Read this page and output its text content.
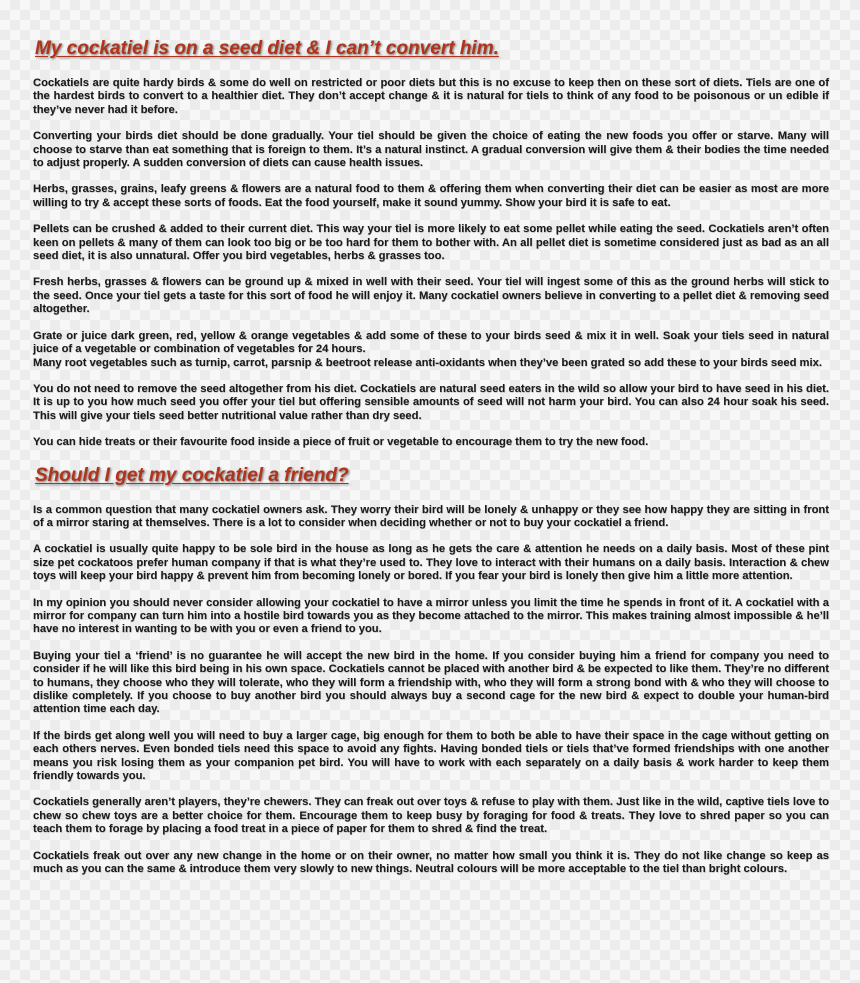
My cockatiel is on a seed diet & I can’t convert him.

Cockatiels are quite hardy birds & some do well on restricted or poor diets but this is no excuse to keep then on these sort of diets. Tiels are one of the hardest birds to convert to a healthier diet. They don’t accept change & it is natural for tiels to think of any food to be poisonous or un edible if they’ve never had it before.

Converting your birds diet should be done gradually. Your tiel should be given the choice of eating the new foods you offer or starve. Many will choose to starve than eat something that is foreign to them. It’s a natural instinct. A gradual conversion will give them & their bodies the time needed to adjust properly. A sudden conversion of diets can cause health issues.

Herbs, grasses, grains, leafy greens & flowers are a natural food to them & offering them when converting their diet can be easier as most are more willing to try & accept these sorts of foods. Eat the food yourself, make it sound yummy. Show your bird it is safe to eat.

Pellets can be crushed & added to their current diet. This way your tiel is more likely to eat some pellet while eating the seed. Cockatiels aren’t often keen on pellets & many of them can look too big or be too hard for them to bother with. An all pellet diet is sometime considered just as bad as an all seed diet, it is also unnatural. Offer you bird vegetables, herbs & grasses too.

Fresh herbs, grasses & flowers can be ground up & mixed in well with their seed. Your tiel will ingest some of this as the ground herbs will stick to the seed. Once your tiel gets a taste for this sort of food he will enjoy it. Many cockatiel owners believe in converting to a pellet diet & removing seed altogether.

Grate or juice dark green, red, yellow & orange vegetables & add some of these to your birds seed & mix it in well. Soak your tiels seed in natural juice of a vegetable or combination of vegetables for 24 hours.
Many root vegetables such as turnip, carrot, parsnip & beetroot release anti-oxidants when they’ve been grated so add these to your birds seed mix.

You do not need to remove the seed altogether from his diet. Cockatiels are natural seed eaters in the wild so allow your bird to have seed in his diet. It is up to you how much seed you offer your tiel but offering sensible amounts of seed will not harm your bird. You can also 24 hour soak his seed. This will give your tiels seed better nutritional value rather than dry seed.

You can hide treats or their favourite food inside a piece of fruit or vegetable to encourage them to try the new food.

Should I get my cockatiel a friend?

Is a common question that many cockatiel owners ask. They worry their bird will be lonely & unhappy or they see how happy they are sitting in front of a mirror staring at themselves. There is a lot to consider when deciding whether or not to buy your cockatiel a friend.

A cockatiel is usually quite happy to be sole bird in the house as long as he gets the care & attention he needs on a daily basis. Most of these pint size pet cockatoos prefer human company if that is what they’re used to. They love to interact with their humans on a daily basis. Interaction & chew toys will keep your bird happy & prevent him from becoming lonely or bored. If you fear your bird is lonely then give him a little more attention.

In my opinion you should never consider allowing your cockatiel to have a mirror unless you limit the time he spends in front of it. A cockatiel with a mirror for company can turn him into a hostile bird towards you as they become attached to the mirror. This makes training almost impossible & he’ll have no interest in wanting to be with you or even a friend to you.

Buying your tiel a ‘friend’ is no guarantee he will accept the new bird in the home. If you consider buying him a friend for company you need to consider if he will like this bird being in his own space. Cockatiels cannot be placed with another bird & be expected to like them. They’re no different to humans, they choose who they will tolerate, who they will form a friendship with, who they will form a strong bond with & who they will choose to dislike completely. If you choose to buy another bird you should always buy a second cage for the new bird & expect to double your human-bird attention time each day.

If the birds get along well you will need to buy a larger cage, big enough for them to both be able to have their space in the cage without getting on each others nerves. Even bonded tiels need this space to avoid any fights. Having bonded tiels or tiels that’ve formed friendships with one another means you risk losing them as your companion pet bird. You will have to work with each separately on a daily basis & work harder to keep them friendly towards you.

Cockatiels generally aren’t players, they’re chewers. They can freak out over toys & refuse to play with them. Just like in the wild, captive tiels love to chew so chew toys are a better choice for them. Encourage them to keep busy by foraging for food & treats. They love to shred paper so you can teach them to forage by placing a food treat in a piece of paper for them to shred & find the treat.

Cockatiels freak out over any new change in the home or on their owner, no matter how small you think it is. They do not like change so keep as much as you can the same & introduce them very slowly to new things. Neutral colours will be more acceptable to the tiel than bright colours.
